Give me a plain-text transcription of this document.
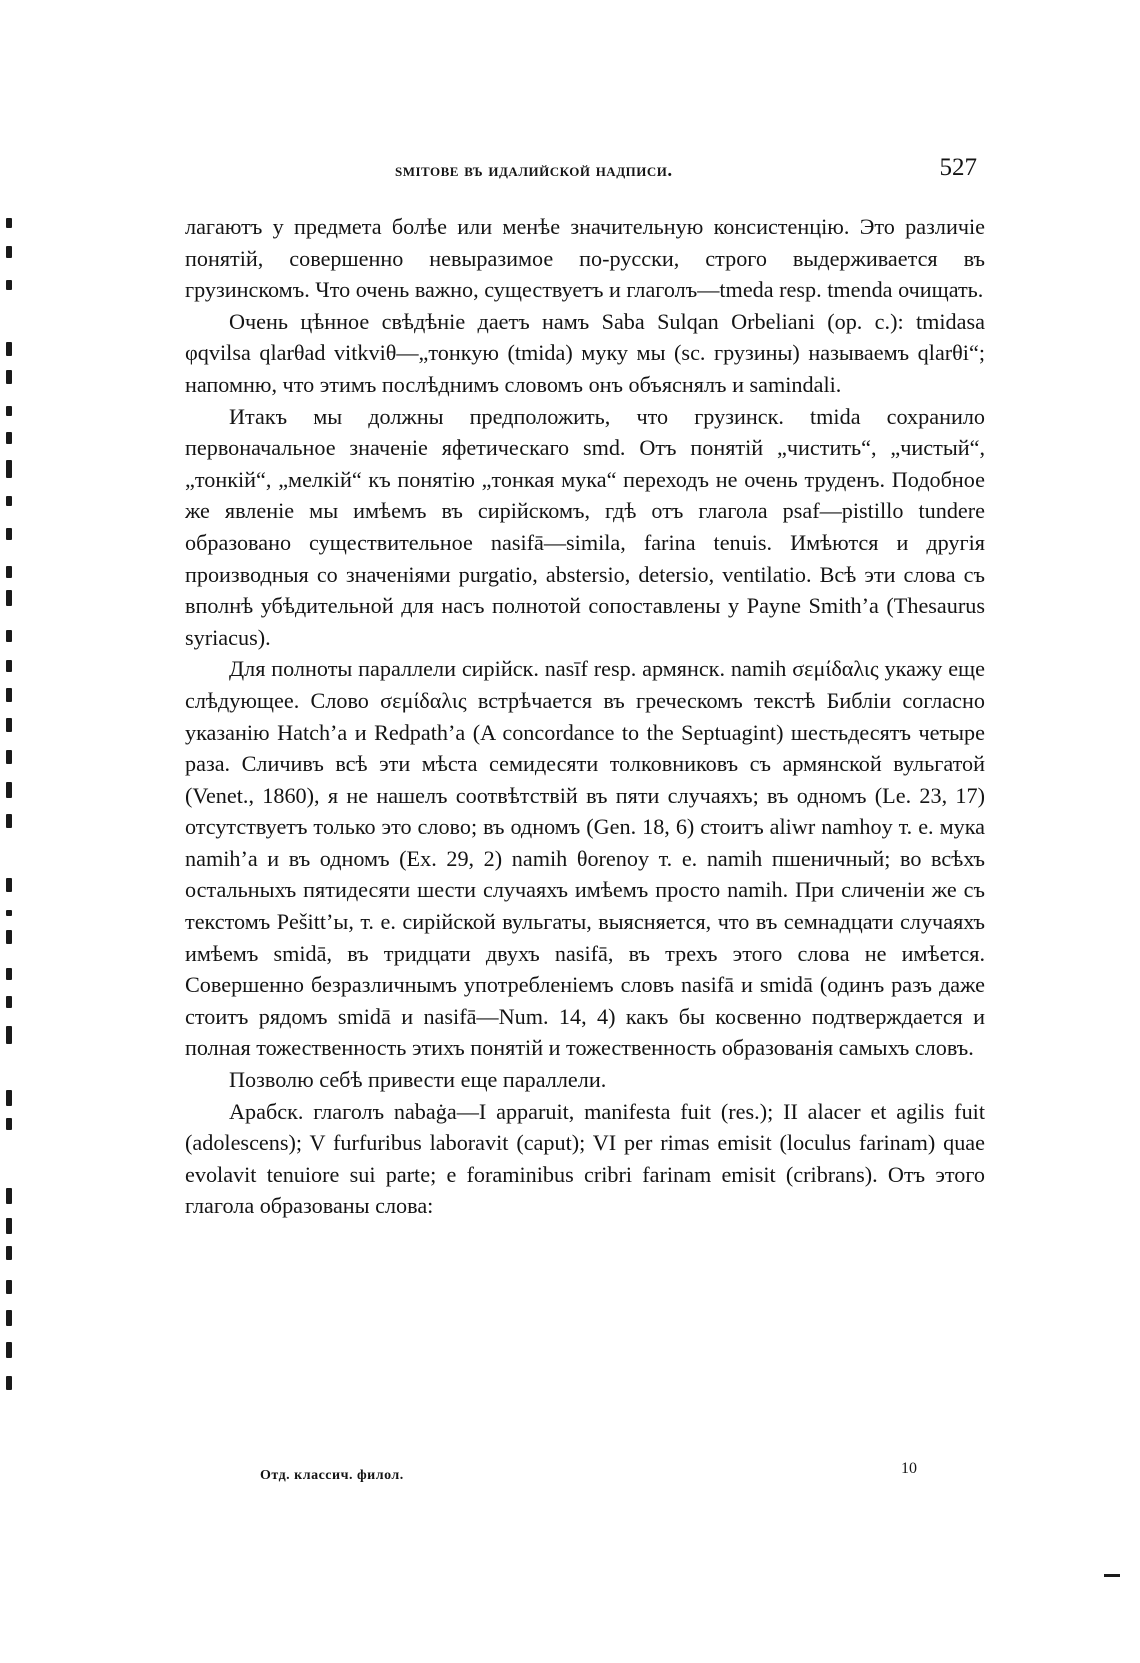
smitobe въ идалийской надписи.	527

лагаютъ у предмета болѣе или менѣе значительную консистенцію. Это различіе понятій, совершенно невыразимое по-русски, строго выдерживается въ грузинскомъ. Что очень важно, существуетъ и глаголъ—tmeda resp. tmenda очищать.

Очень цѣнное свѣдѣніе даетъ намъ Saba Sulqan Orbeliani (op. c.): tmidasa φqvilsa qlarθad vitkviθ—„тонкую (tmida) муку мы (sc. грузины) называемъ qlarθi“; напомню, что этимъ послѣднимъ словомъ онъ объяснялъ и samindali.

Итакъ мы должны предположить, что грузинск. tmida сохранило первоначальное значеніе яфетическаго smd. Отъ понятій „чистить“, „чистый“, „тонкій“, „мелкій“ къ понятію „тонкая мука“ переходъ не очень труденъ. Подобное же явленіе мы имѣемъ въ сирійскомъ, гдѣ отъ глагола psaf—pistillo tundere образовано существительное nasifā—simila, farina tenuis. Имѣются и другія производныя со значеніями purgatio, abstersio, detersio, ventilatio. Всѣ эти слова съ вполнѣ убѣдительной для насъ полнотой сопоставлены у Payne Smith’a (Thesaurus syriacus).

Для полноты параллели сирійск. nasīf resp. армянск. namih σεμίδαλις укажу еще слѣдующее. Слово σεμίδαλις встрѣчается въ греческомъ текстѣ Библіи согласно указанію Hatch’a и Redpath’a (A concordance to the Septuagint) шестьдесятъ четыре раза. Сличивъ всѣ эти мѣста семидесяти толковниковъ съ армянской вульгатой (Venet., 1860), я не нашелъ соотвѣтствій въ пяти случаяхъ; въ одномъ (Le. 23, 17) отсутствуетъ только это слово; въ одномъ (Gen. 18, 6) стоитъ aliwr namhoy т. е. мука namih’a и въ одномъ (Ex. 29, 2) namih θorenoy т. е. namih пшеничный; во всѣхъ остальныхъ пятидесяти шести случаяхъ имѣемъ просто namih. При сличеніи же съ текстомъ Pešitt’ы, т. е. сирійской вульгаты, выясняется, что въ семнадцати случаяхъ имѣемъ smidā, въ тридцати двухъ nasifā, въ трехъ этого слова не имѣется. Совершенно безразличнымъ употребленіемъ словъ nasifā и smidā (одинъ разъ даже стоитъ рядомъ smidā и nasifā—Num. 14, 4) какъ бы косвенно подтверждается и полная тожественность этихъ понятій и тожественность образованія самыхъ словъ.

Позволю себѣ привести еще параллели.

Арабск. глаголъ nabaġa—I apparuit, manifesta fuit (res.); II alacer et agilis fuit (adolescens); V furfuribus laboravit (caput); VI per rimas emisit (loculus farinam) quae evolavit tenuiore sui parte; e foraminibus cribri farinam emisit (cribrans). Отъ этого глагола образованы слова:

Отд. классич. филол.	10
